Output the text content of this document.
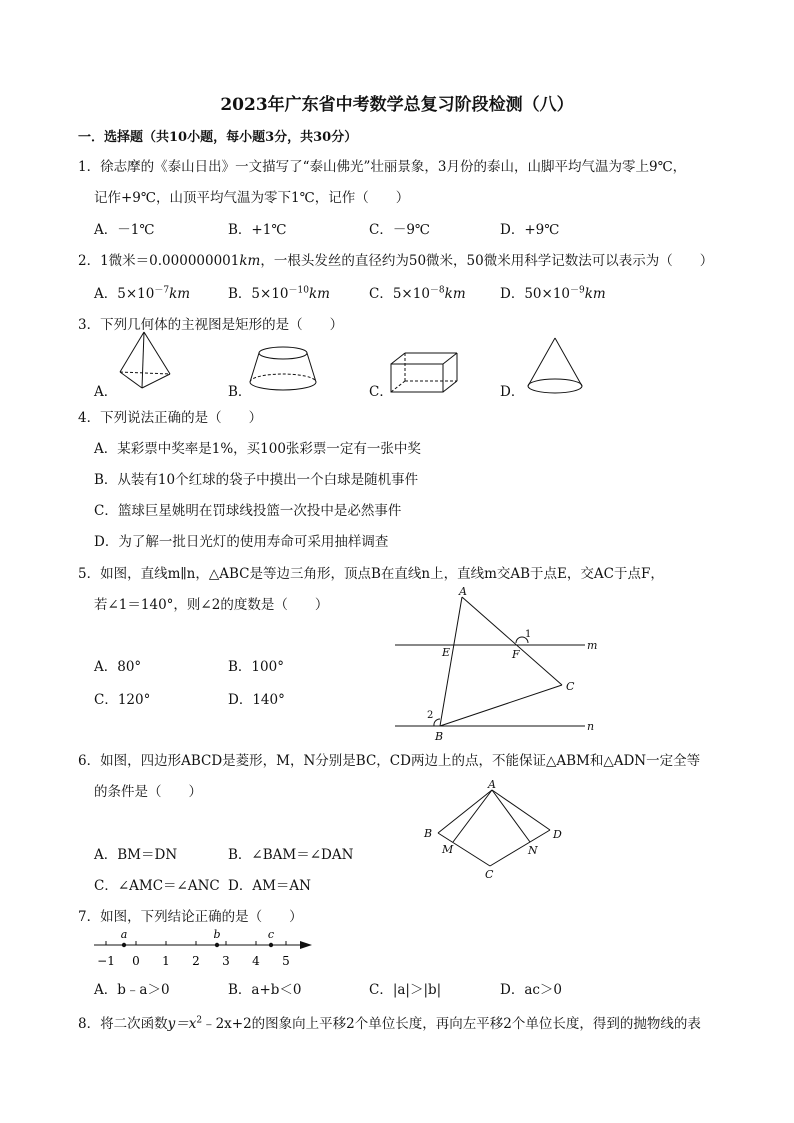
2023年广东省中考数学总复习阶段检测（八）
一．选择题（共10小题，每小题3分，共30分）
1．徐志摩的《泰山日出》一文描写了“泰山佛光”壮丽景象，3月份的泰山，山脚平均气温为零上9℃，
记作+9℃，山顶平均气温为零下1℃，记作（　　）
A．－1℃	B．+1℃	C．－9℃	D．+9℃
2．1微米＝0.000000001km，一根头发丝的直径约为50微米，50微米用科学记数法可以表示为（　　）
A．$5\times 10^{-7}km$	B．$5\times 10^{-10}km$	C．$5\times 10^{-8}km$	D．$50\times 10^{-9}km$
3．下列几何体的主视图是矩形的是（　　）
A．	B．	C．	D．
4．下列说法正确的是（　　）
A．某彩票中奖率是1%，买100张彩票一定有一张中奖
B．从装有10个红球的袋子中摸出一个白球是随机事件
C．篮球巨星姚明在罚球线投篮一次投中是必然事件
D．为了解一批日光灯的使用寿命可采用抽样调查
5．如图，直线m∥n，△ABC是等边三角形，顶点B在直线n上，直线m交AB于点E，交AC于点F，
若∠1＝140°，则∠2的度数是（　　）
A．80°	B．100°
C．120°	D．140°
A
E	F
C
B
m
n
1
2
6．如图，四边形ABCD是菱形，M，N分别是BC，CD两边上的点，不能保证△ABM和△ADN一定全等
的条件是（　　）
A．BM＝DN	B．∠BAM＝∠DAN
C．∠AMC＝∠ANC D．AM＝AN
A
B	D
M	N
C
7．如图，下列结论正确的是（　　）
−1 0 1 2 3 4 5
a	b	c
A．b﹣a＞0	B．a+b＜0	C．|a|＞|b|	D．ac＞0
8．将二次函数$y=x^2﹣2x+2$的图象向上平移2个单位长度，再向左平移2个单位长度，得到的抛物线的表
